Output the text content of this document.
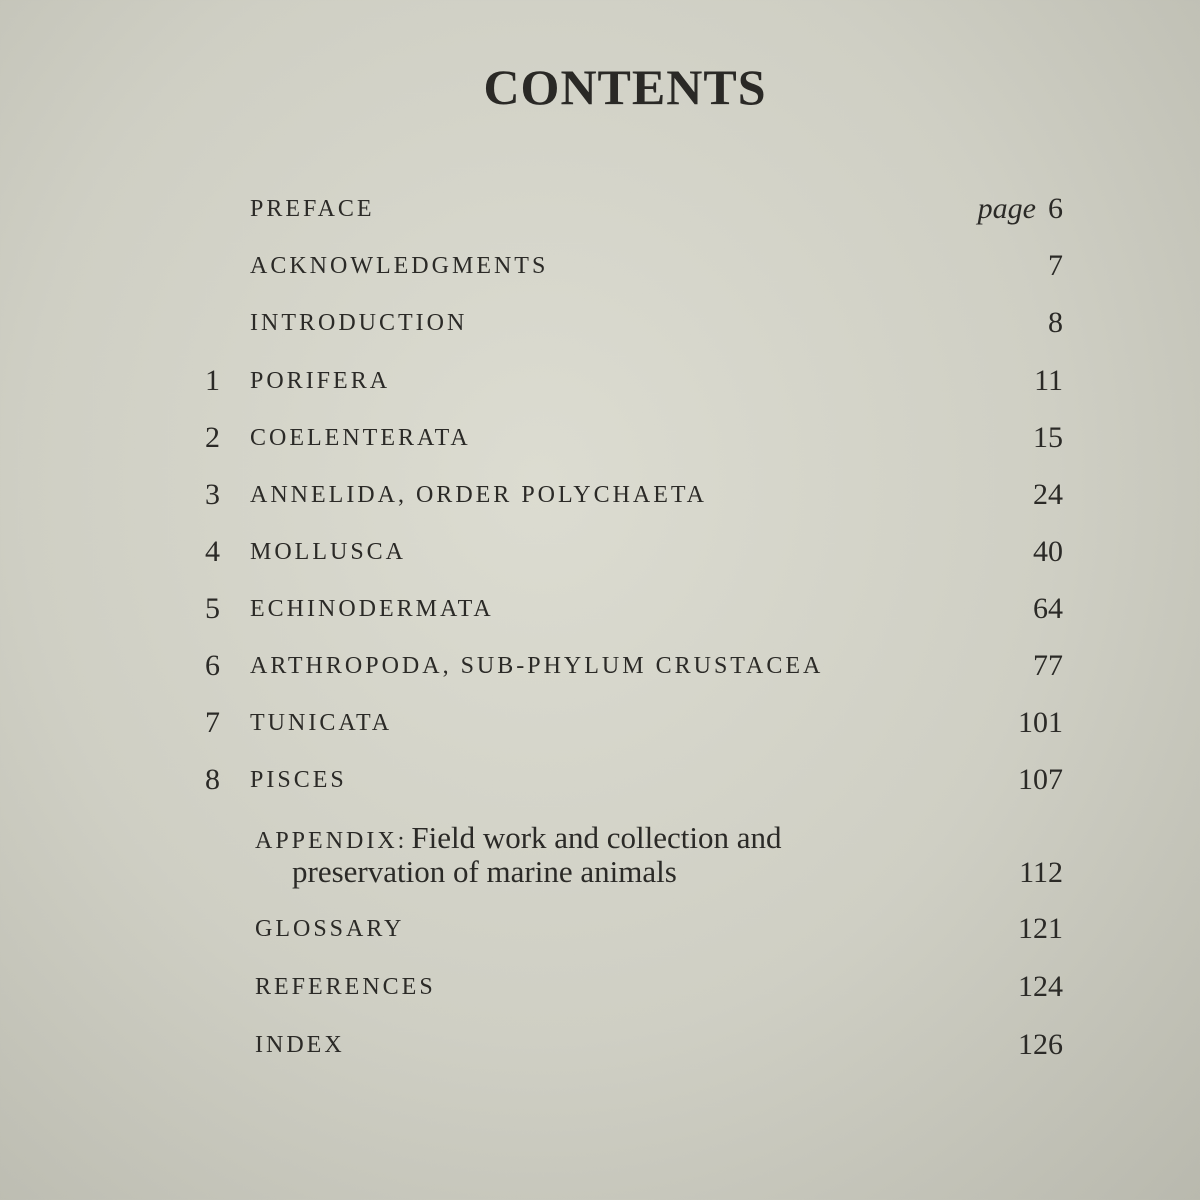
CONTENTS
PREFACE	page 6
ACKNOWLEDGMENTS	7
INTRODUCTION	8
1 PORIFERA	11
2 COELENTERATA	15
3 ANNELIDA, ORDER POLYCHAETA	24
4 MOLLUSCA	40
5 ECHINODERMATA	64
6 ARTHROPODA, SUB-PHYLUM CRUSTACEA	77
7 TUNICATA	101
8 PISCES	107
APPENDIX: Field work and collection and
preservation of marine animals	112
GLOSSARY	121
REFERENCES	124
INDEX	126
